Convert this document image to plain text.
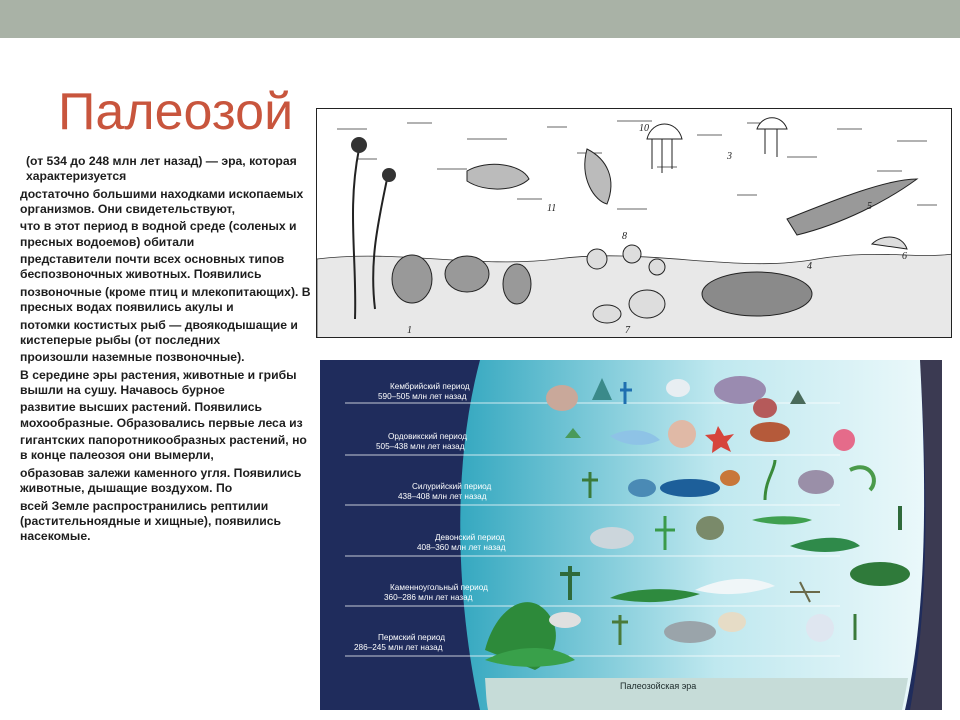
Палеозой

(от 534 до 248 млн лет назад) — эра, которая характеризуется

достаточно большими находками ископаемых организмов. Они свидетельствуют,

что в этот период в водной среде (соленых и пресных водоемов) обитали

представители почти всех основных типов беспозвоночных животных. Появились

позвоночные (кроме птиц и млекопитающих). В пресных водах появились акулы и

потомки костистых рыб — двоякодышащие и кистеперые рыбы (от последних

произошли наземные позвоночные).

В середине эры растения, животные и грибы вышли на сушу. Начавось бурное

развитие высших растений. Появились мохообразные. Образовались первые леса из

гигантских папоротникообразных растений, но в конце палеозоя они вымерли,

образовав залежи каменного угля. Появились животные, дышащие воздухом. По

всей Земле распространились рептилии (растительноядные и хищные), появились насекомые.

10
3
11
8
5
4
6
1	7
Палеозойская эра
Кембрийский период
590–505 млн лет назад
Ордовикский период
505–438 млн лет назад
Силурийский период
438–408 млн лет назад
Девонский период
408–360 млн лет назад
Каменноугольный период
360–286 млн лет назад
Пермский период
286–245 млн лет назад
